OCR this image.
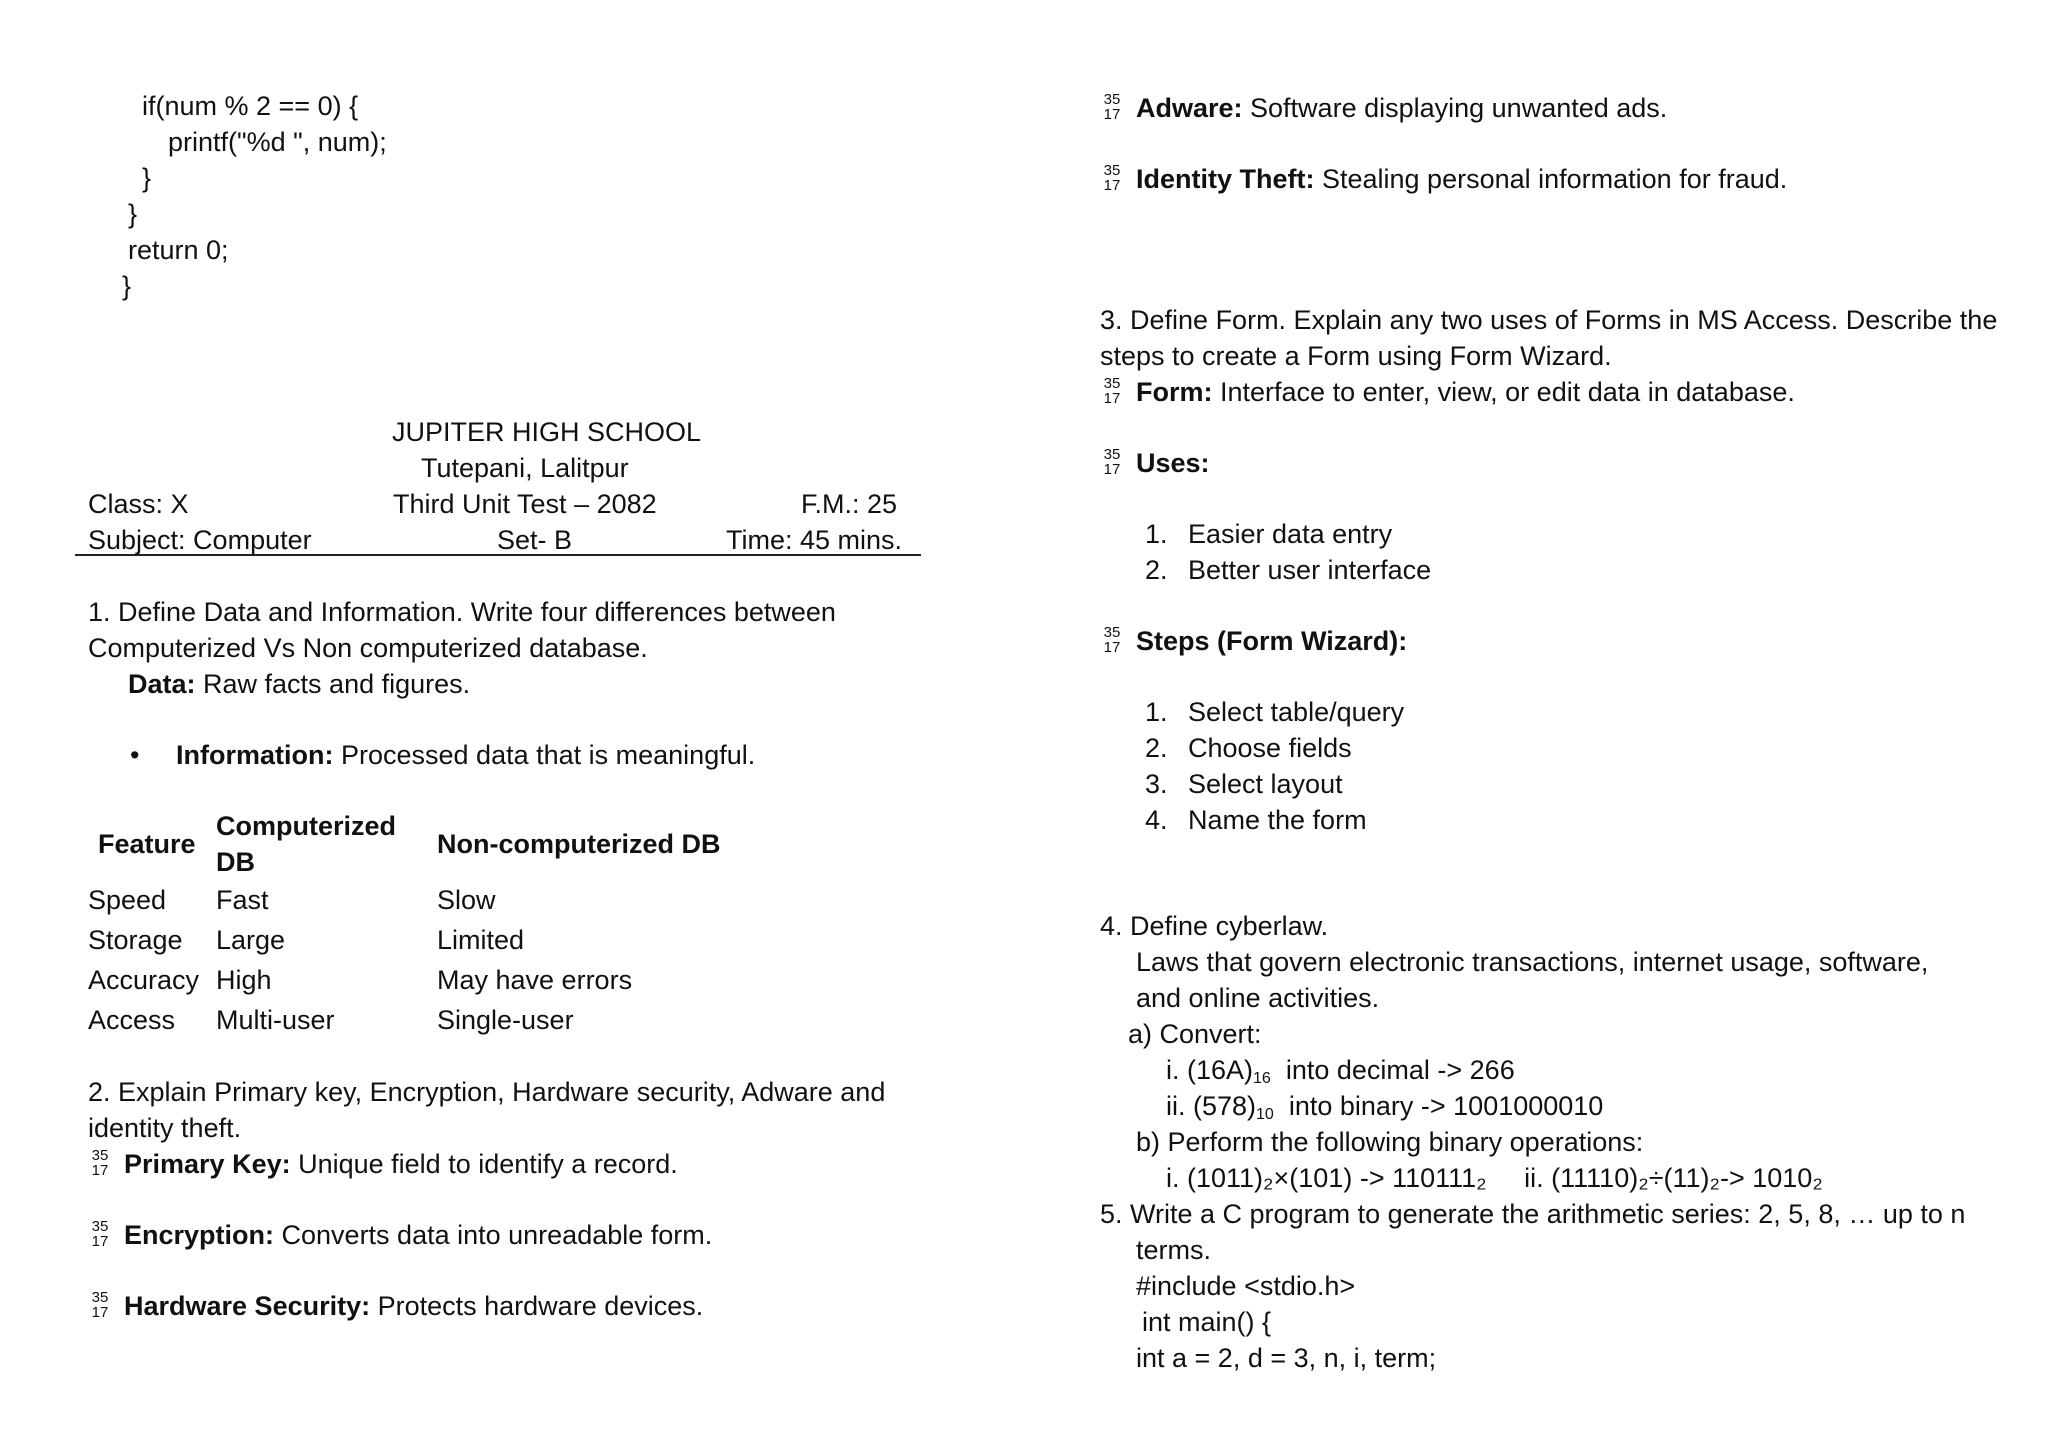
if(num % 2 == 0) {
printf("%d ", num);
}
}
return 0;
}
JUPITER HIGH SCHOOL
Tutepani, Lalitpur
Class: X	Third Unit Test – 2082	F.M.: 25
Subject: Computer	Set- B	Time: 45 mins.
1. Define Data and Information. Write four differences between
Computerized Vs Non computerized database.
Data: Raw facts and figures.
• Information: Processed data that is meaningful.
Feature	Computerized DB	Non-computerized DB
Speed	Fast	Slow
Storage	Large	Limited
Accuracy	High	May have errors
Access	Multi-user	Single-user
2. Explain Primary key, Encryption, Hardware security, Adware and
identity theft.
35
17 Primary Key: Unique field to identify a record.
35
17 Encryption: Converts data into unreadable form.
35
17 Hardware Security: Protects hardware devices.
35
17 Adware: Software displaying unwanted ads.
35
17 Identity Theft: Stealing personal information for fraud.
3. Define Form. Explain any two uses of Forms in MS Access. Describe the
steps to create a Form using Form Wizard.
35
17 Form: Interface to enter, view, or edit data in database.
35
17 Uses:
1. Easier data entry
2. Better user interface
35
17 Steps (Form Wizard):
1. Select table/query
2. Choose fields
3. Select layout
4. Name the form
4. Define cyberlaw.
Laws that govern electronic transactions, internet usage, software,
and online activities.
a) Convert:
i. $(16A)_{16}$  into decimal -> 266
ii. $(578)_{10}$  into binary -> 1001000010
b) Perform the following binary operations:
i. (1011)₂×(101) -> 110111₂     ii. (11110)₂÷(11)₂-> 1010₂
5. Write a C program to generate the arithmetic series: 2, 5, 8, … up to n
terms.
#include <stdio.h>
int main() {
int a = 2, d = 3, n, i, term;
